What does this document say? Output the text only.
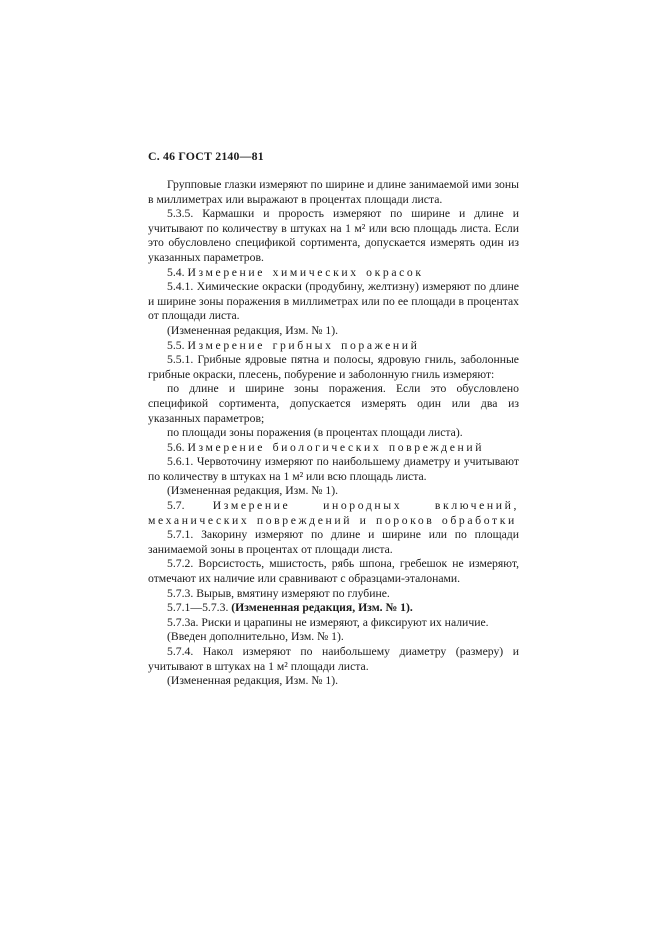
С. 46 ГОСТ 2140—81

Групповые глазки измеряют по ширине и длине занимаемой ими зоны в миллиметрах или выражают в процентах площади листа.

5.3.5. Кармашки и прорость измеряют по ширине и длине и учитывают по количеству в штуках на 1 м² или всю площадь листа. Если это обусловлено спецификой сортимента, допускается измерять один из указанных параметров.

5.4. Измерение химических окрасок

5.4.1. Химические окраски (продубину, желтизну) измеряют по длине и ширине зоны поражения в миллиметрах или по ее площади в процентах от площади листа.

(Измененная редакция, Изм. № 1).

5.5. Измерение грибных поражений

5.5.1. Грибные ядровые пятна и полосы, ядровую гниль, заболонные грибные окраски, плесень, побурение и заболонную гниль измеряют:

по длине и ширине зоны поражения. Если это обусловлено спецификой сортимента, допускается измерять один или два из указанных параметров;

по площади зоны поражения (в процентах площади листа).

5.6. Измерение биологических повреждений

5.6.1. Червоточину измеряют по наибольшему диаметру и учитывают по количеству в штуках на 1 м² или всю площадь листа.

(Измененная редакция, Изм. № 1).

5.7. Измерение инородных включений, механических повреждений и пороков обработки

5.7.1. Закорину измеряют по длине и ширине или по площади занимаемой зоны в процентах от площади листа.

5.7.2. Ворсистость, мшистость, рябь шпона, гребешок не измеряют, отмечают их наличие или сравнивают с образцами-эталонами.

5.7.3. Вырыв, вмятину измеряют по глубине.

5.7.1—5.7.3. (Измененная редакция, Изм. № 1).

5.7.3а. Риски и царапины не измеряют, а фиксируют их наличие.

(Введен дополнительно, Изм. № 1).

5.7.4. Накол измеряют по наибольшему диаметру (размеру) и учитывают в штуках на 1 м² площади листа.

(Измененная редакция, Изм. № 1).
